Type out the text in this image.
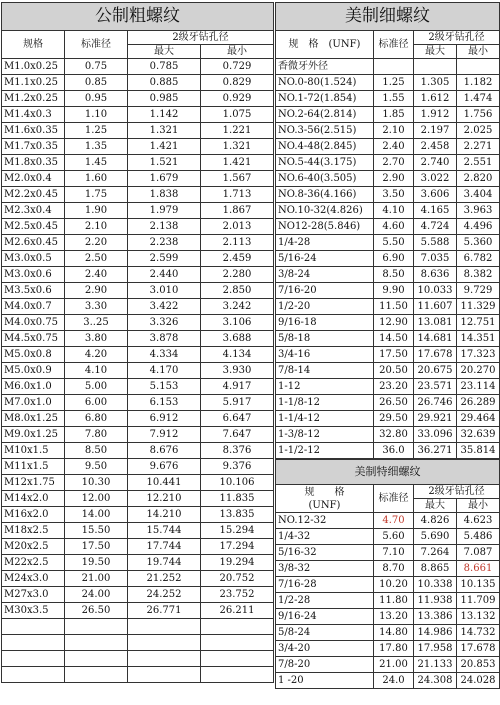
公制粗螺纹			
规格	标准径	2级牙钻孔径	
		最大	最小
M1.0x0.25	0.75	0.785	0.729
M1.1x0.25	0.85	0.885	0.829
M1.2x0.25	0.95	0.985	0.929
M1.4x0.3	1.10	1.142	1.075
M1.6x0.35	1.25	1.321	1.221
M1.7x0.35	1.35	1.421	1.321
M1.8x0.35	1.45	1.521	1.421
M2.0x0.4	1.60	1.679	1.567
M2.2x0.45	1.75	1.838	1.713
M2.3x0.4	1.90	1.979	1.867
M2.5x0.45	2.10	2.138	2.013
M2.6x0.45	2.20	2.238	2.113
M3.0x0.5	2.50	2.599	2.459
M3.0x0.6	2.40	2.440	2.280
M3.5x0.6	2.90	3.010	2.850
M4.0x0.7	3.30	3.422	3.242
M4.0x0.75	3..25	3.326	3.106
M4.5x0.75	3.80	3.878	3.688
M5.0x0.8	4.20	4.334	4.134
M5.0x0.9	4.10	4.170	3.930
M6.0x1.0	5.00	5.153	4.917
M7.0x1.0	6.00	6.153	5.917
M8.0x1.25	6.80	6.912	6.647
M9.0x1.25	7.80	7.912	7.647
M10x1.5	8.50	8.676	8.376
M11x1.5	9.50	9.676	9.376
M12x1.75	10.30	10.441	10.106
M14x2.0	12.00	12.210	11.835
M16x2.0	14.00	14.210	13.835
M18x2.5	15.50	15.744	15.294
M20x2.5	17.50	17.744	17.294
M22x2.5	19.50	19.744	19.294
M24x3.0	21.00	21.252	20.752
M27x3.0	24.00	24.252	23.752
M30x3.5	26.50	26.771	26.211

美制细螺纹			
规　格　(UNF)	标准径	2级牙钻孔径	
		最大	最小
香微牙外径			
NO.0-80(1.524)	1.25	1.305	1.182
NO.1-72(1.854)	1.55	1.612	1.474
NO.2-64(2.814)	1.85	1.912	1.756
NO.3-56(2.515)	2.10	2.197	2.025
NO.4-48(2.845)	2.40	2.458	2.271
NO.5-44(3.175)	2.70	2.740	2.551
NO.6-40(3.505)	2.90	3.022	2.820
NO.8-36(4.166)	3.50	3.606	3.404
NO.10-32(4.826)	4.10	4.165	3.963
NO12-28(5.846)	4.60	4.724	4.496
1/4-28	5.50	5.588	5.360
5/16-24	6.90	7.035	6.782
3/8-24	8.50	8.636	8.382
7/16-20	9.90	10.033	9.729
1/2-20	11.50	11.607	11.329
9/16-18	12.90	13.081	12.751
5/8-18	14.50	14.681	14.351
3/4-16	17.50	17.678	17.323
7/8-14	20.50	20.675	20.270
1-12	23.20	23.571	23.114
1-1/8-12	26.50	26.746	26.289
1-1/4-12	29.50	29.921	29.464
1-3/8-12	32.80	33.096	32.639
1-1/2-12	36.0	36.271	35.814

美制特细螺纹			
规　　格
(UNF)	标准径	2级牙钻孔径	
		最大	最小
NO.12-32	4.70	4.826	4.623
1/4-32	5.60	5.690	5.486
5/16-32	7.10	7.264	7.087
3/8-32	8.70	8.865	8.661
7/16-28	10.20	10.338	10.135
1/2-28	11.80	11.938	11.709
9/16-24	13.20	13.386	13.132
5/8-24	14.80	14.986	14.732
3/4-20	17.80	17.958	17.678
7/8-20	21.00	21.133	20.853
1 -20	24.0	24.308	24.028
